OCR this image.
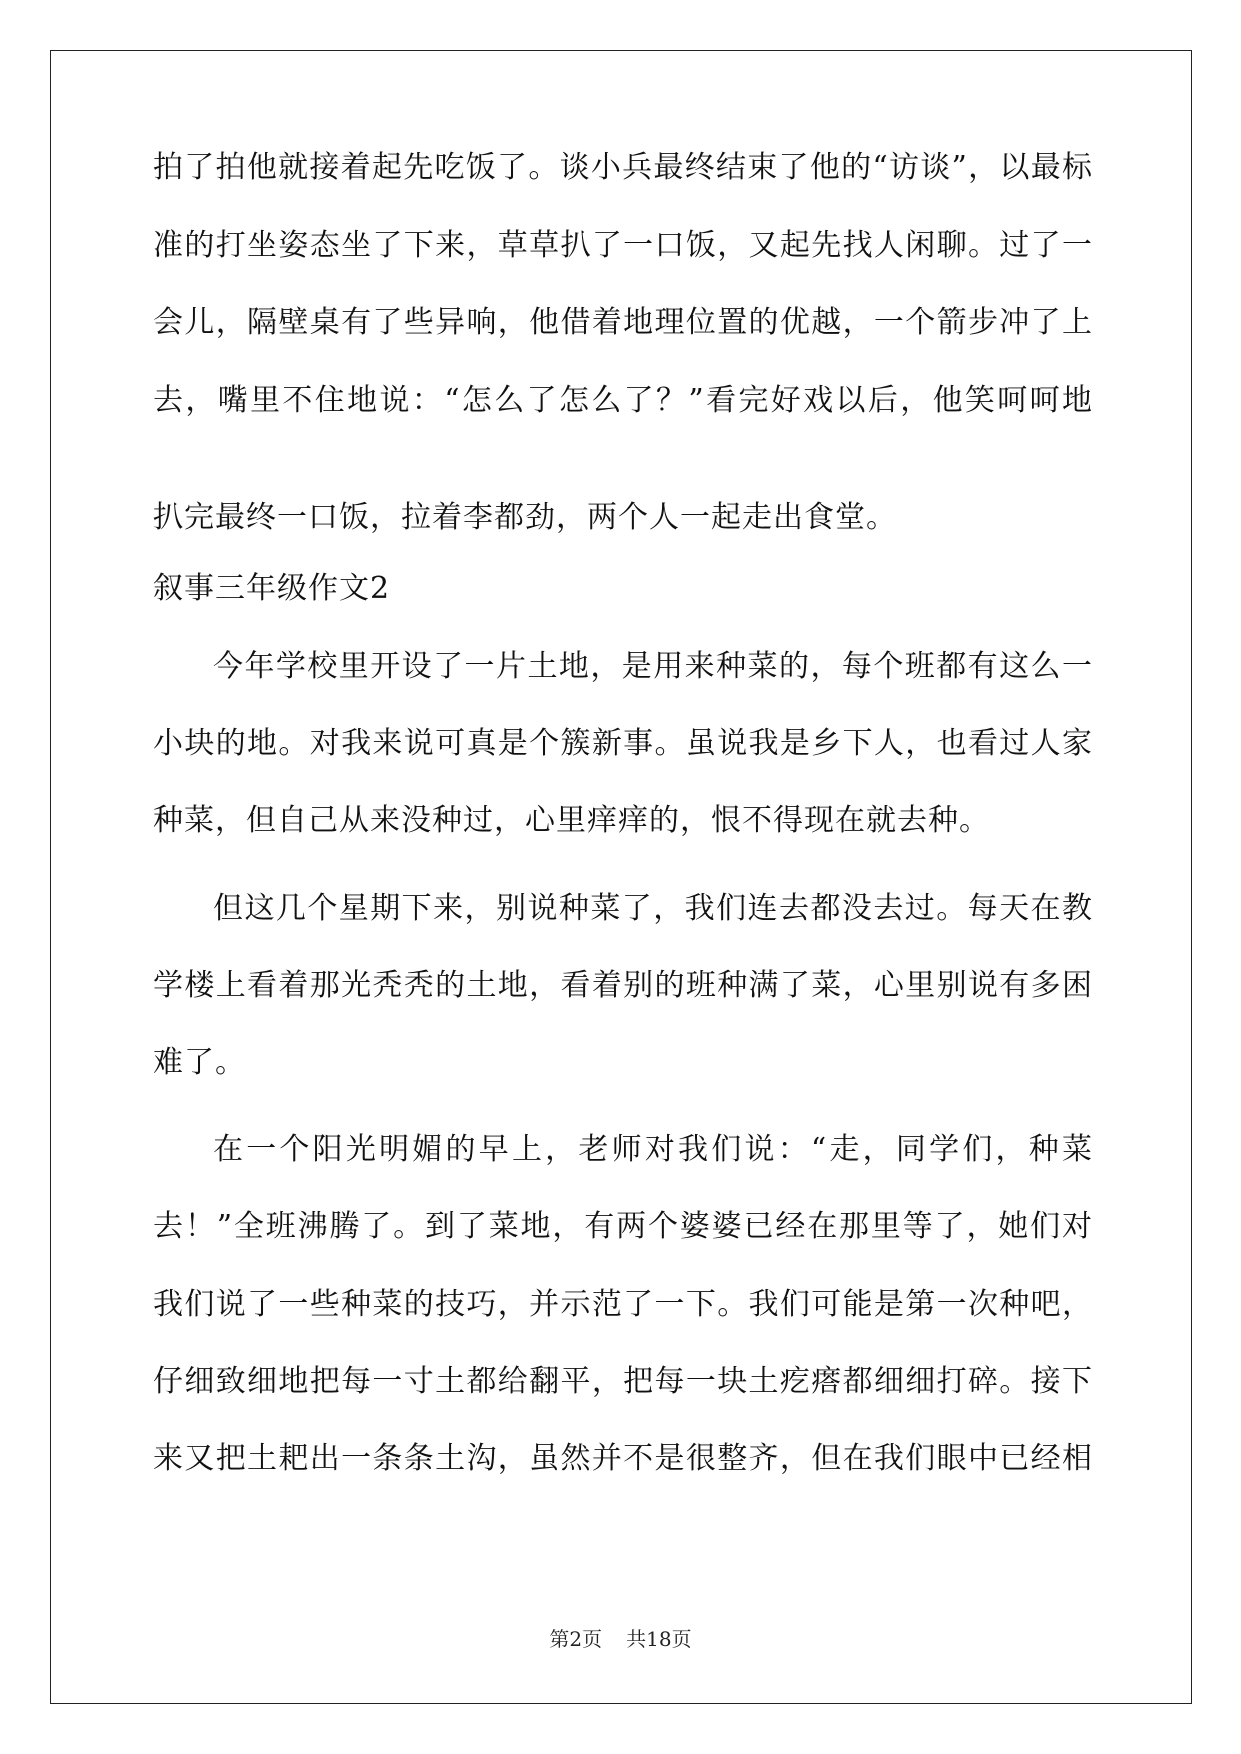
拍了拍他就接着起先吃饭了。谈小兵最终结束了他的“访谈”，以最标
准的打坐姿态坐了下来，草草扒了一口饭，又起先找人闲聊。过了一
会儿，隔壁桌有了些异响，他借着地理位置的优越，一个箭步冲了上
去，嘴里不住地说：“怎么了怎么了？”看完好戏以后，他笑呵呵地
扒完最终一口饭，拉着李都劲，两个人一起走出食堂。
叙事三年级作文2
今年学校里开设了一片土地，是用来种菜的，每个班都有这么一
小块的地。对我来说可真是个簇新事。虽说我是乡下人，也看过人家
种菜，但自己从来没种过，心里痒痒的，恨不得现在就去种。
但这几个星期下来，别说种菜了，我们连去都没去过。每天在教
学楼上看着那光秃秃的土地，看着别的班种满了菜，心里别说有多困
难了。
在一个阳光明媚的早上，老师对我们说：“走，同学们，种菜
去！”全班沸腾了。到了菜地，有两个婆婆已经在那里等了，她们对
我们说了一些种菜的技巧，并示范了一下。我们可能是第一次种吧，
仔细致细地把每一寸土都给翻平，把每一块土疙瘩都细细打碎。接下
来又把土耙出一条条土沟，虽然并不是很整齐，但在我们眼中已经相
第2页 共18页
